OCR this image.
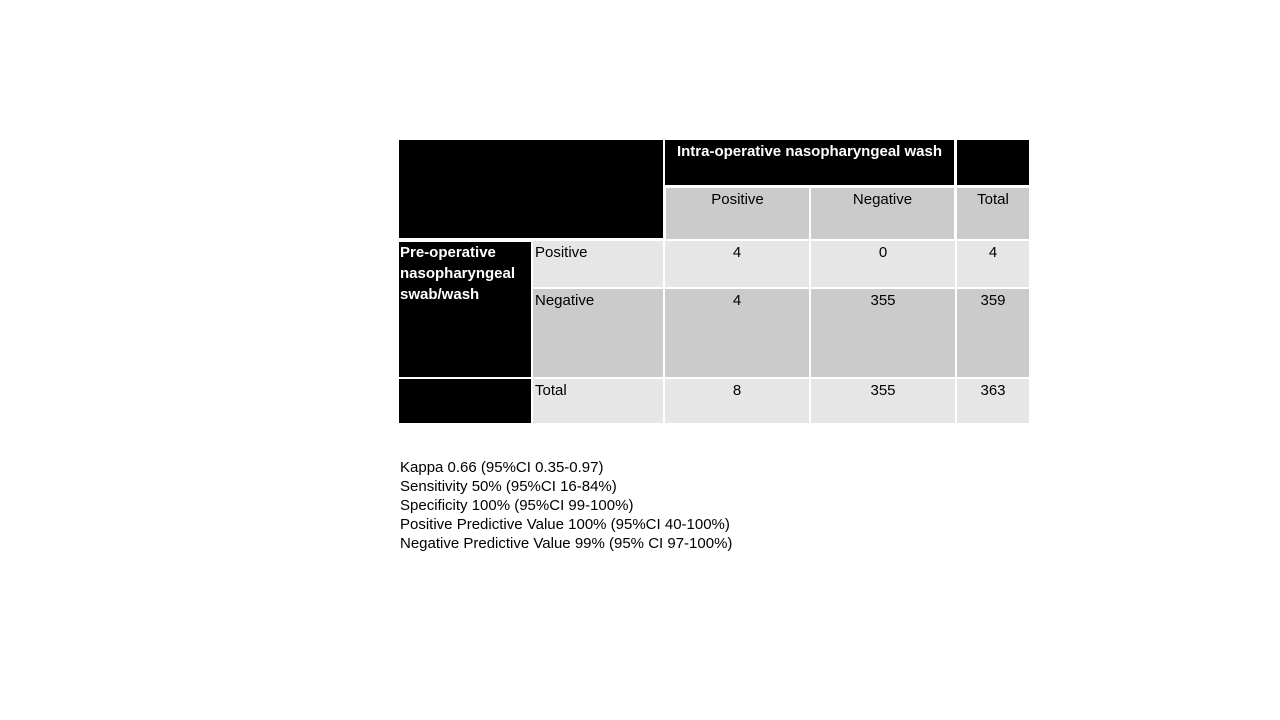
Intra-operative nasopharyngeal wash
Positive	Negative	Total
Pre-operative nasopharyngeal swab/wash
Positive	4	0	4
Negative	4	355	359
Total	8	355	363
Kappa 0.66 (95%CI 0.35-0.97)
Sensitivity 50% (95%CI 16-84%)
Specificity 100% (95%CI 99-100%)
Positive Predictive Value 100% (95%CI 40-100%)
Negative Predictive Value 99% (95% CI 97-100%)
